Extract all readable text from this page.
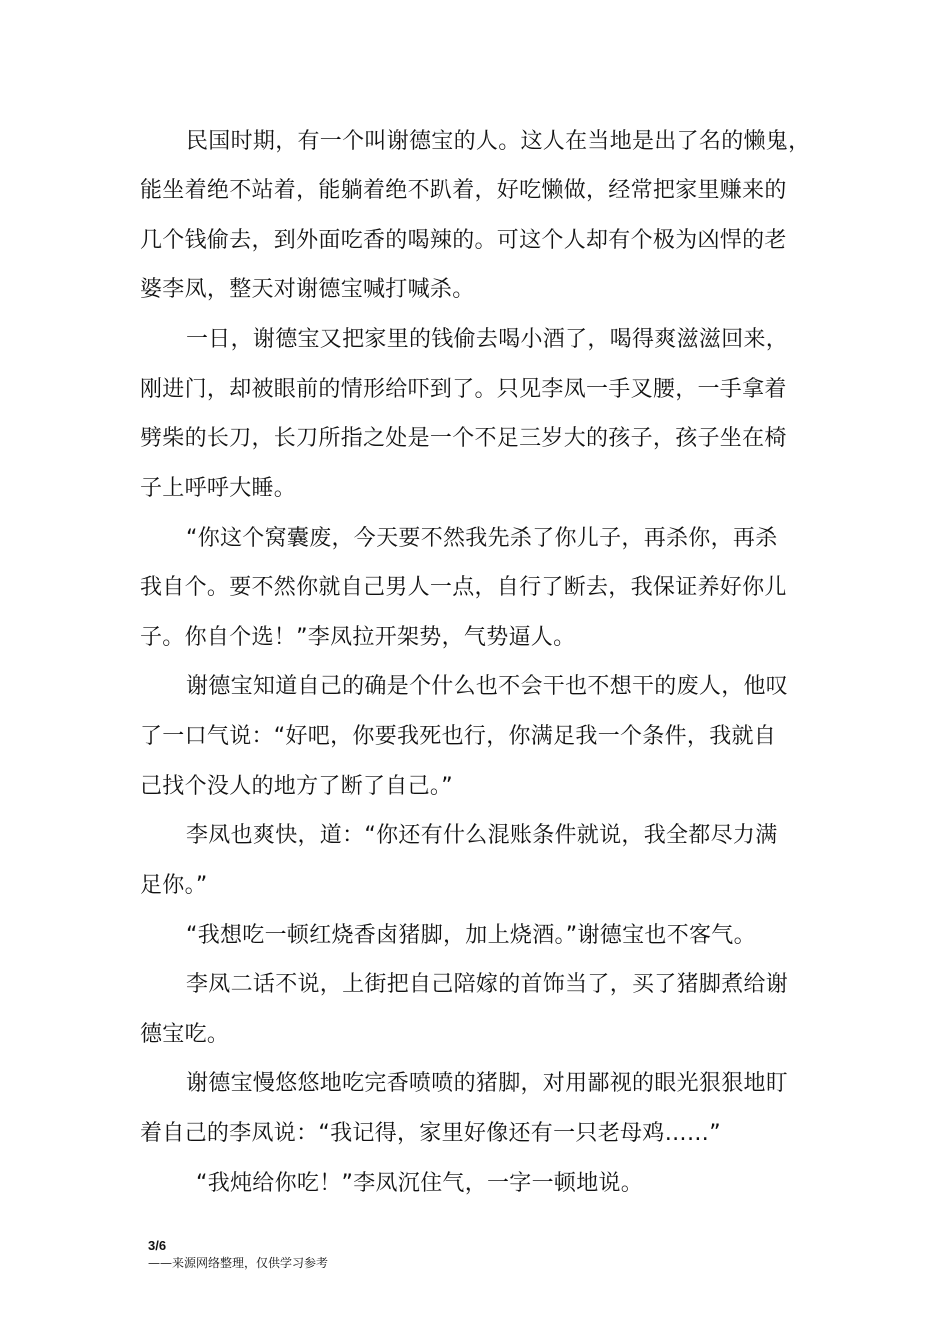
民国时期，有一个叫谢德宝的人。这人在当地是出了名的懒鬼，
能坐着绝不站着，能躺着绝不趴着，好吃懒做，经常把家里赚来的
几个钱偷去，到外面吃香的喝辣的。可这个人却有个极为凶悍的老
婆李凤，整天对谢德宝喊打喊杀。
一日，谢德宝又把家里的钱偷去喝小酒了，喝得爽滋滋回来，
刚进门，却被眼前的情形给吓到了。只见李凤一手叉腰，一手拿着
劈柴的长刀，长刀所指之处是一个不足三岁大的孩子，孩子坐在椅
子上呼呼大睡。
“你这个窝囊废，今天要不然我先杀了你儿子，再杀你，再杀
我自个。要不然你就自己男人一点，自行了断去，我保证养好你儿
子。你自个选！”李凤拉开架势，气势逼人。
谢德宝知道自己的确是个什么也不会干也不想干的废人，他叹
了一口气说：“好吧，你要我死也行，你满足我一个条件，我就自
己找个没人的地方了断了自己。”
李凤也爽快，道：“你还有什么混账条件就说，我全都尽力满
足你。”
“我想吃一顿红烧香卤猪脚，加上烧酒。”谢德宝也不客气。
李凤二话不说，上街把自己陪嫁的首饰当了，买了猪脚煮给谢
德宝吃。
谢德宝慢悠悠地吃完香喷喷的猪脚，对用鄙视的眼光狠狠地盯
着自己的李凤说：“我记得，家里好像还有一只老母鸡……”
“我炖给你吃！”李凤沉住气，一字一顿地说。
3/6
——来源网络整理，仅供学习参考
